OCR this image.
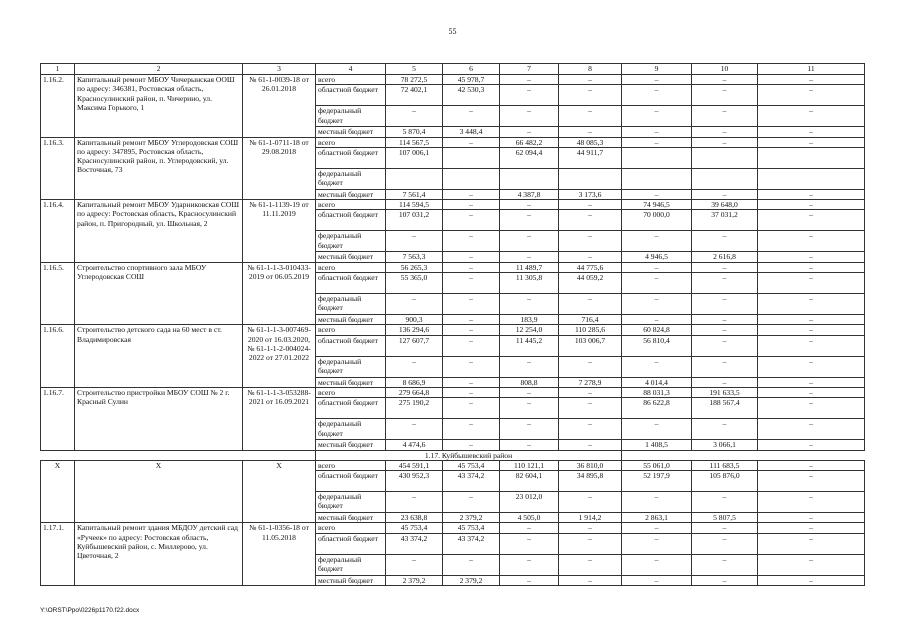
55
1	2	3	4	5	6	7	8	9	10	11
1.16.2.	Капитальный ремонт МБОУ Чичерынская ООШ по адресу: 346381, Ростовская область, Красносулинский район, п. Чичерино, ул. Максима Горького, 1	№ 61-1-0039-18 от 26.01.2018	всего	78 272,5	45 978,7	–	–	–	–	–
			областной бюджет	72 402,1	42 530,3	–	–	–	–	–
			федеральный бюджет	–	–	–	–	–	–	–
			местный бюджет	5 870,4	3 448,4	–	–	–	–	–
1.16.3.	Капитальный ремонт МБОУ Углеродовская СОШ по адресу: 347895, Ростовская область, Красносулинский район, п. Углеродовский, ул. Восточная, 73	№ 61-1-0711-18 от 29.08.2018	всего	114 567,5	–	66 482,2	48 085,3	–	–	–
			областной бюджет	107 006,1		62 094,4	44 911,7			
			федеральный бюджет							
			местный бюджет	7 561,4	–	4 387,8	3 173,6	–	–	–
1.16.4.	Капитальный ремонт МБОУ Ударниковская СОШ по адресу: Ростовская область, Красносулинский район, п. Пригородный, ул. Школьная, 2	№ 61-1-1139-19 от 11.11.2019	всего	114 594,5	–	–	–	74 946,5	39 648,0	–
			областной бюджет	107 031,2	–	–	–	70 000,0	37 031,2	–
			федеральный бюджет	–	–	–	–	–	–	–
			местный бюджет	7 563,3	–	–	–	4 946,5	2 616,8	–
1.16.5.	Строительство спортивного зала МБОУ Углеродовская СОШ	№ 61-1-1-3-010433-2019 от 06.05.2019	всего	56 265,3	–	11 489,7	44 775,6	–	–	–
			областной бюджет	55 365,0	–	11 305,8	44 059,2	–	–	–
			федеральный бюджет	–	–	–	–	–	–	–
			местный бюджет	900,3	–	183,9	716,4	–	–	–
1.16.6.	Строительство детского сада на 60 мест в ст. Владимировская	№ 61-1-1-3-007469-2020 от 16.03.2020, № 61-1-1-2-004024-2022 от 27.01.2022	всего	136 294,6	–	12 254,0	110 285,6	60 824,8	–	–
			областной бюджет	127 607,7	–	11 445,2	103 006,7	56 810,4	–	–
			федеральный бюджет	–	–	–	–	–	–	–
			местный бюджет	8 686,9	–	808,8	7 278,9	4 014,4	–	–
1.16.7.	Строительство пристройки МБОУ СОШ № 2 г. Красный Сулин	№ 61-1-1-3-053288-2021 от 16.09.2021	всего	279 664,8	–	–	–	88 031,3	191 633,5	–
			областной бюджет	275 190,2	–	–	–	86 622,8	188 567,4	–
			федеральный бюджет	–	–	–	–	–	–	–
			местный бюджет	4 474,6	–	–	–	1 408,5	3 066,1	–
			1.17. Куйбышевский район							
Х	Х	Х	всего	454 591,1	45 753,4	110 121,1	36 810,0	55 061,0	111 683,5	–
			областной бюджет	430 952,3	43 374,2	82 604,1	34 895,8	52 197,9	105 876,0	–
			федеральный бюджет	–	–	23 012,0	–	–	–	–
			местный бюджет	23 638,8	2 379,2	4 505,0	1 914,2	2 863,1	5 807,5	–
1.17.1.	Капитальный ремонт здания МБДОУ детский сад «Ручеек» по адресу: Ростовская область, Куйбышевский район, с. Миллерово, ул. Цветочная, 2	№ 61-1-0356-18 от 11.05.2018	всего	45 753,4	45 753,4	–	–	–	–	–
			областной бюджет	43 374,2	43 374,2	–	–	–	–	–
			федеральный бюджет	–	–	–	–	–	–	–
			местный бюджет	2 379,2	2 379,2	–	–	–	–	–
Y:\ORST\Ppo\0226p1170.f22.docx
